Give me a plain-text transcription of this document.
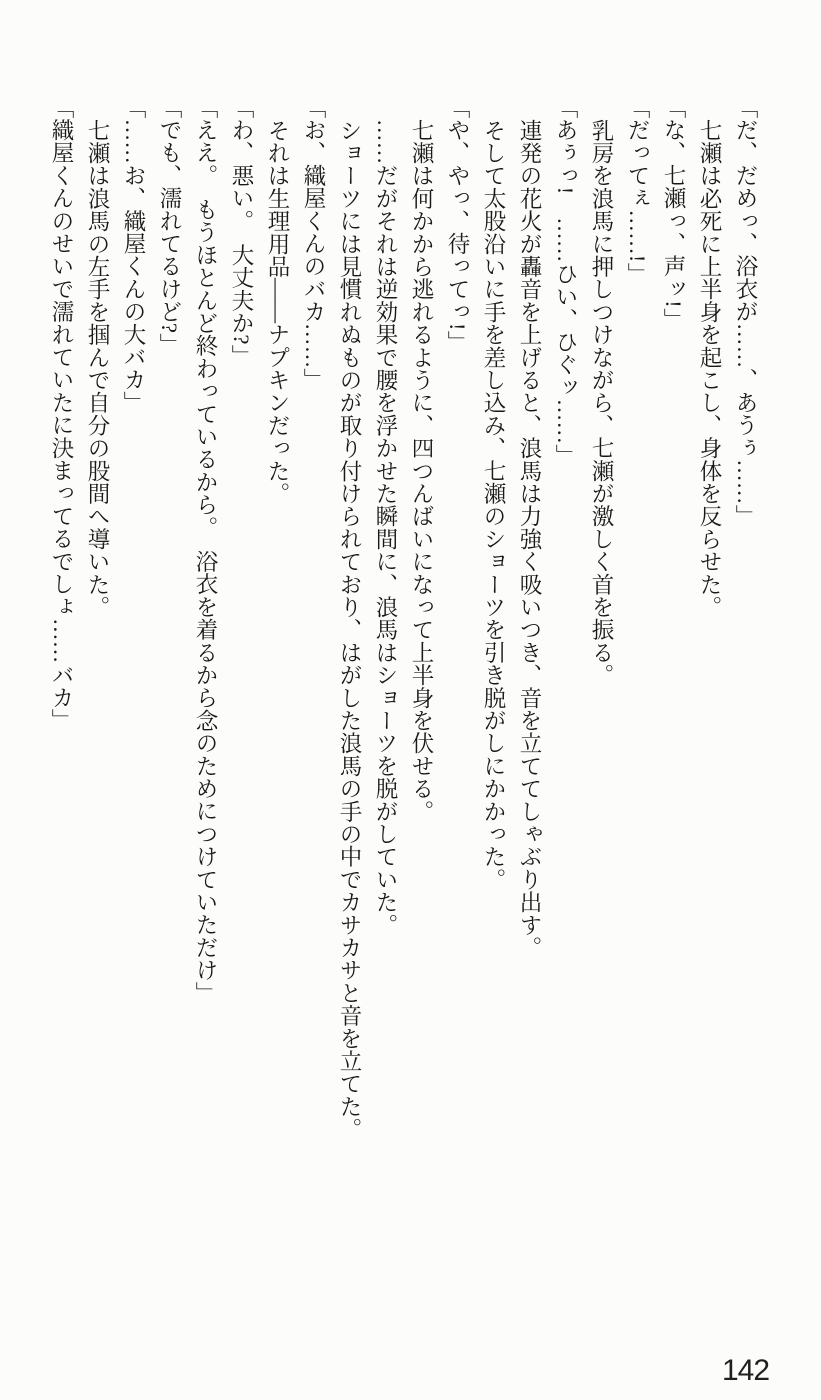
「だ、だめっ、浴衣が……、あうぅ……」

七瀬は必死に上半身を起こし、身体を反らせた。

「な、七瀬っ、声ッ!」

「だってぇ……!」

乳房を浪馬に押しつけながら、七瀬が激しく首を振る。

「あぅっ!　……ひい、ひぐッ……」

連発の花火が轟音を上げると、浪馬は力強く吸いつき、音を立ててしゃぶり出す。

そして太股沿いに手を差し込み、七瀬のショーツを引き脱がしにかかった。

「や、やっ、待ってっ!」

七瀬は何かから逃れるように、四つんばいになって上半身を伏せる。

……だがそれは逆効果で腰を浮かせた瞬間に、浪馬はショーツを脱がしていた。

ショーツには見慣れぬものが取り付けられており、はがした浪馬の手の中でカサカサと音を立てた。

「お、織屋くんのバカ……」

それは生理用品――ナプキンだった。

「わ、悪い。　大丈夫か?」

「ええ。　もうほとんど終わっているから。　浴衣を着るから念のためにつけていただけ」

「でも、濡れてるけど?」

「……お、織屋くんの大バカ」

七瀬は浪馬の左手を掴んで自分の股間へ導いた。

「織屋くんのせいで濡れていたに決まってるでしょ……バカ」

142
